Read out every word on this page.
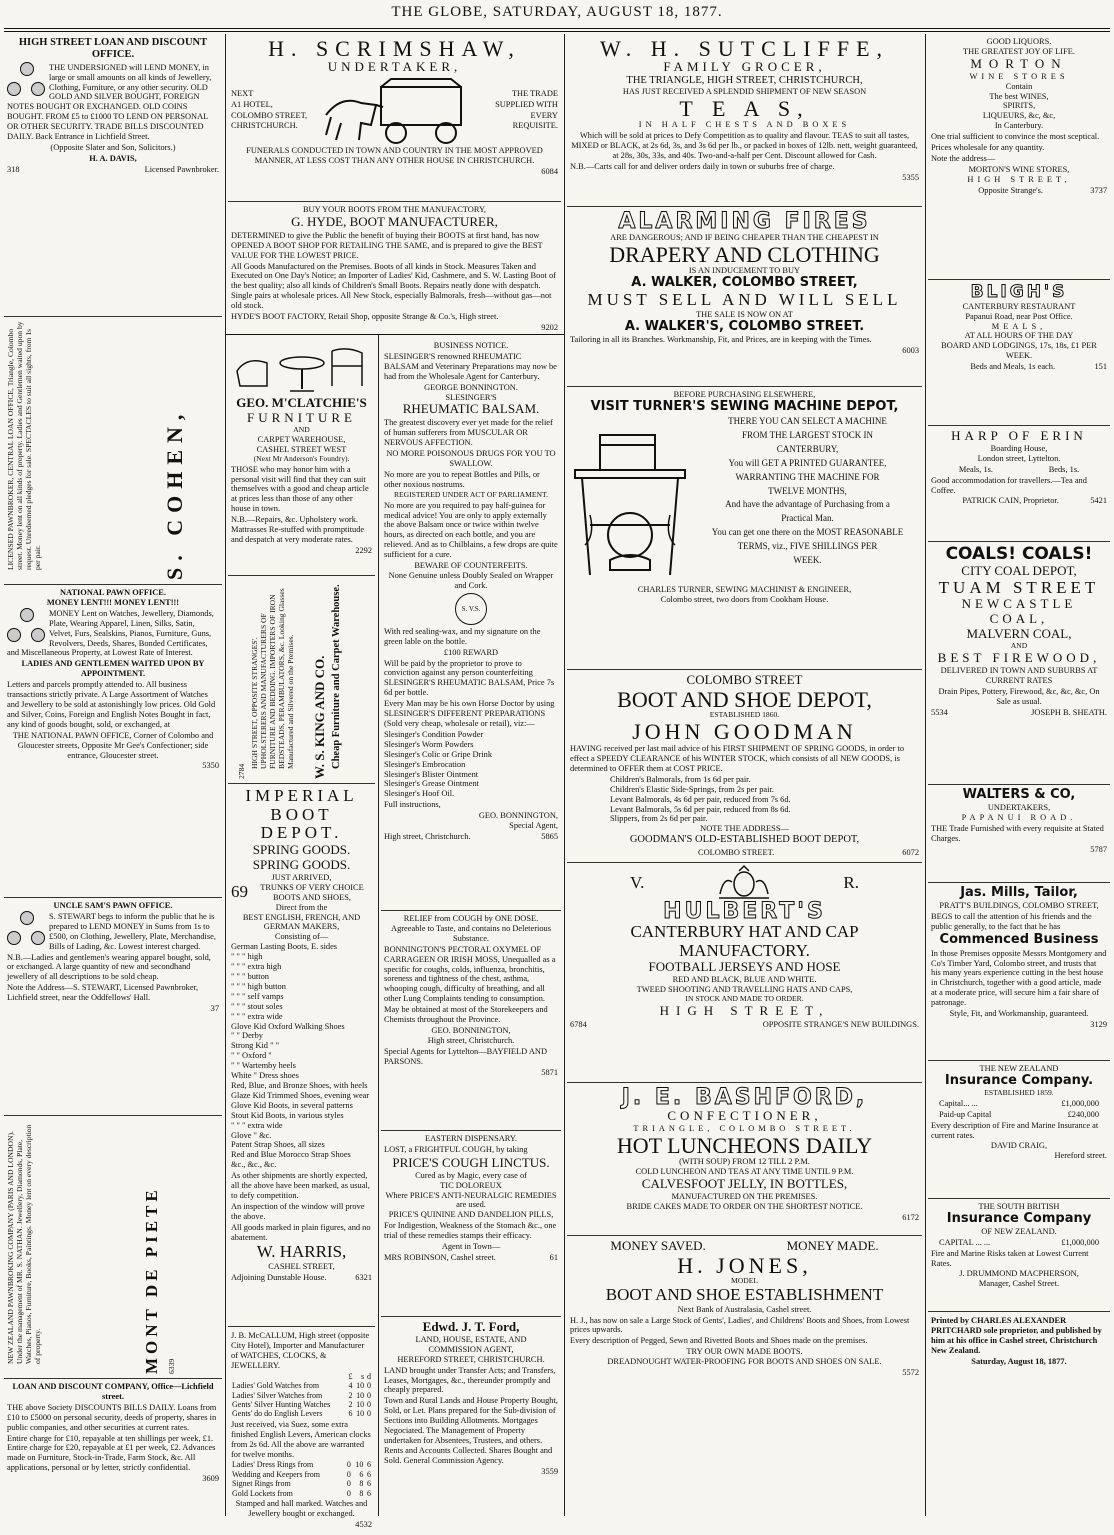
THE GLOBE, SATURDAY, AUGUST 18, 1877.
HIGH STREET LOAN AND DISCOUNT OFFICE.

THE UNDERSIGNED will LEND MONEY, in large or small amounts on all kinds of Jewellery, Clothing, Furniture, or any other security. OLD GOLD AND SILVER BOUGHT, FOREIGN NOTES BOUGHT OR EXCHANGED. OLD COINS BOUGHT. FROM £5 to £1000 TO LEND ON PERSONAL OR OTHER SECURITY. TRADE BILLS DISCOUNTED DAILY. Back Entrance in Lichfield Street.

(Opposite Slater and Son, Solicitors.)

H. A. DAVIS,

318	Licensed Pawnbroker.

LICENSED PAWNBROKER, CENTRAL LOAN OFFICE, Triangle, Colombo street. Money lent on all kinds of property. Ladies and Gentlemen waited upon by request. Unredeemed pledges for sale. SPECTACLES to suit all sights, from 1s per pair.	S. COHEN,
NATIONAL PAWN OFFICE.
MONEY LENT!!! MONEY LENT!!!

MONEY Lent on Watches, Jewellery, Diamonds, Plate, Wearing Apparel, Linen, Silks, Satin, Velvet, Furs, Sealskins, Pianos, Furniture, Guns, Revolvers, Deeds, Shares, Bonded Certificates, and Miscellaneous Property, at Lowest Rate of Interest.

LADIES AND GENTLEMEN WAITED UPON BY APPOINTMENT.

Letters and parcels promptly attended to. All business transactions strictly private. A Large Assortment of Watches and Jewellery to be sold at astonishingly low prices. Old Gold and Silver, Coins, Foreign and English Notes Bought in fact, any kind of goods bought, sold, or exchanged, at

THE NATIONAL PAWN OFFICE, Corner of Colombo and Gloucester streets, Opposite Mr Gee's Confectioner; side entrance, Gloucester street.

5350

UNCLE SAM'S PAWN OFFICE.

S. STEWART begs to inform the public that he is prepared to LEND MONEY in Sums from 1s to £500, on Clothing, Jewellery, Plate, Merchandise, Bills of Lading, &c. Lowest interest charged.

N.B.—Ladies and gentlemen's wearing apparel bought, sold, or exchanged. A large quantity of new and secondhand jewellery of all descriptions to be sold cheap.

Note the Address—S. STEWART, Licensed Pawnbroker, Lichfield street, near the Oddfellows' Hall.

37

NEW ZEALAND PAWNBROKING COMPANY (PARIS AND LONDON). Under the management of MR. S. NATHAN. Jewellery, Diamonds, Plate, Watches, Pianos, Furniture, Books, Paintings. Money lent on every description of property.	MONT DE PIETE 6339
LOAN AND DISCOUNT COMPANY, Office—Lichfield street.

THE above Society DISCOUNTS BILLS DAILY. Loans from £10 to £5000 on personal security, deeds of property, shares in public companies, and other securities at current rates.

Entire charge for £10, repayable at ten shillings per week, £1. Entire charge for £20, repayable at £1 per week, £2. Advances made on Furniture, Stock-in-Trade, Farm Stock, &c. All applications, personal or by letter, strictly confidential.

3609

H. SCRIMSHAW,
UNDERTAKER,

NEXT

A1 HOTEL,

COLOMBO STREET,

CHRISTCHURCH.

THE TRADE

SUPPLIED WITH

EVERY

REQUISITE.

FUNERALS CONDUCTED IN TOWN AND COUNTRY IN THE MOST APPROVED MANNER, AT LESS COST THAN ANY OTHER HOUSE IN CHRISTCHURCH.

6084

BUY YOUR BOOTS FROM THE MANUFACTORY,
G. HYDE, BOOT MANUFACTURER,

DETERMINED to give the Public the benefit of buying their BOOTS at first hand, has now OPENED A BOOT SHOP FOR RETAILING THE SAME, and is prepared to give the BEST VALUE FOR THE LOWEST PRICE.

All Goods Manufactured on the Premises. Boots of all kinds in Stock. Measures Taken and Executed on One Day's Notice; an Importer of Ladies' Kid, Cashmere, and S. W. Lasting Boot of the best quality; also all kinds of Children's Small Boots. Repairs neatly done with despatch. Single pairs at wholesale prices. All New Stock, especially Balmorals, fresh—without gas—not old stock.

HYDE'S BOOT FACTORY, Retail Shop, opposite Strange & Co.'s, High street.

9202

GEO. M'CLATCHIE'S
FURNITURE
AND
CARPET WAREHOUSE,
CASHEL STREET WEST
(Next Mr Anderson's Foundry).

THOSE who may honor him with a personal visit will find that they can suit themselves with a good and cheap article at prices less than those of any other house in town.

N.B.—Repairs, &c. Upholstery work. Mattrasses Re-stuffed with promptitude and despatch at very moderate rates.

2292

2784
HIGH STREET, OPPOSITE STRANGES'. UPHOLSTERERS AND MANUFACTURERS OF FURNITURE AND BEDDING. IMPORTERS OF IRON BEDSTEADS, PERAMBULATORS, &c. Looking Glasses Manufactured and Silvered on the Premises.	W. S. KING AND CO. Cheap Furniture and Carpet Warehouse.
IMPERIAL
BOOT DEPOT.
SPRING GOODS.
SPRING GOODS.
JUST ARRIVED,
69	TRUNKS OF VERY CHOICE BOOTS AND SHOES,
Direct from the
BEST ENGLISH, FRENCH, AND GERMAN MAKERS,
Consisting of—
German Lasting Boots, E. sides
" " " high
" " " extra high
" " " button
" " " high button
" " " self vamps
" " " stout soles
" " " extra wide
Glove Kid Oxford Walking Shoes
" " Derby
Strong Kid " "
" " Oxford "
" " Wartemby heels
White " Dress shoes
Red, Blue, and Bronze Shoes, with heels
Glaze Kid Trimmed Shoes, evening wear
Glove Kid Boots, in several patterns
Stout Kid Boots, in various styles
" " " extra wide
Glove " &c.
Patent Strap Shoes, all sizes
Red and Blue Morocco Strap Shoes
&c., &c., &c.

As other shipments are shortly expected, all the above have been marked, as usual, to defy competition.

An inspection of the window will prove the above.

All goods marked in plain figures, and no abatement.

W. HARRIS,
CASHEL STREET,

Adjoining Dunstable House.	6321

J. B. McCALLUM, High street (opposite City Hotel), Importer and Manufacturer of WATCHES, CLOCKS, & JEWELLERY.

	£	s	d
Ladies' Gold Watches from	4	10	0
Ladies' Silver Watches from	2	10	0
Gents' Silver Hunting Watches	2	10	0
Gents' do do English Levers	6	10	0

Just received, via Suez, some extra finished English Levers, American clocks from 2s 6d. All the above are warranted for twelve months.

Ladies' Dress Rings from	0	10	6
Wedding and Keepers from	0	6	6
Signet Rings from	0	8	6
Gold Lockets from	0	8	6

Stamped and hall marked. Watches and Jewellery bought or exchanged.

4532

BUSINESS NOTICE.

SLESINGER'S renowned RHEUMATIC BALSAM and Veterinary Preparations may now be had from the Wholesale Agent for Canterbury.

GEORGE BONNINGTON.
SLESINGER'S
RHEUMATIC BALSAM.

The greatest discovery ever yet made for the relief of human sufferers from MUSCULAR OR NERVOUS AFFECTION.

NO MORE POISONOUS DRUGS FOR YOU TO SWALLOW.

No more are you to repeat Bottles and Pills, or other noxious nostrums.

REGISTERED UNDER ACT OF PARLIAMENT.

No more are you required to pay half-guinea for medical advice! You are only to apply externally the above Balsam once or twice within twelve hours, as directed on each bottle, and you are relieved. And as to Chilblains, a few drops are quite sufficient for a cure.

BEWARE OF COUNTERFEITS.
None Genuine unless Doubly Sealed on Wrapper and Cork.
S. V.S.

With red sealing-wax, and my signature on the green lable on the bottle.

£100 REWARD

Will be paid by the proprietor to prove to conviction against any person counterfeiting SLESINGER'S RHEUMATIC BALSAM, Price 7s 6d per bottle.

Every Man may be his own Horse Doctor by using SLESINGER'S DIFFERENT PREPARATIONS (Sold very cheap, wholesale or retail), viz:—

Slesinger's Condition Powder
Slesinger's Worm Powders
Slesinger's Colic or Gripe Drink
Slesinger's Embrocation
Slesinger's Blister Ointment
Slesinger's Grease Ointment
Slesinger's Hoof Oil.

Full instructions,

GEO. BONNINGTON,
Special Agent,

High street, Christchurch.	5865

RELIEF from COUGH by ONE DOSE.
Agreeable to Taste, and contains no Deleterious Substance.

BONNINGTON'S PECTORAL OXYMEL OF CARRAGEEN OR IRISH MOSS, Unequalled as a specific for coughs, colds, influenza, bronchitis, soreness and tightness of the chest, asthma, whooping cough, difficulty of breathing, and all other Lung Complaints tending to consumption.

May be obtained at most of the Storekeepers and Chemists throughout the Province.

GEO. BONNINGTON,
High street, Christchurch.

Special Agents for Lyttelton—BAYFIELD AND PARSONS.

5871

EASTERN DISPENSARY.

LOST, a FRIGHTFUL COUGH, by taking

PRICE'S COUGH LINCTUS.
Cured as by Magic, every case of
TIC DOLOREUX
Where PRICE'S ANTI-NEURALGIC REMEDIES are used.
PRICE'S QUININE AND DANDELION PILLS,

For Indigestion, Weakness of the Stomach &c., one trial of these remedies stamps their efficacy.

Agent in Town—

MRS ROBINSON, Cashel street.	61

Edwd. J. T. Ford,
LAND, HOUSE, ESTATE, AND
COMMISSION AGENT,
HEREFORD STREET, CHRISTCHURCH.

LAND brought under Transfer Acts; and Transfers, Leases, Mortgages, &c., thereunder promptly and cheaply prepared.

Town and Rural Lands and House Property Bought, Sold, or Let. Plans prepared for the Sub-division of Sections into Building Allotments. Mortgages Negociated. The Management of Property undertaken for Absentees, Trustees, and others. Rents and Accounts Collected. Shares Bought and Sold. General Commission Agency.

3559

W. H. SUTCLIFFE,
FAMILY GROCER,
THE TRIANGLE, HIGH STREET, CHRISTCHURCH,
HAS JUST RECEIVED A SPLENDID SHIPMENT OF NEW SEASON
T E A S,
IN HALF CHESTS AND BOXES

Which will be sold at prices to Defy Competition as to quality and flavour. TEAS to suit all tastes, MIXED or BLACK, at 2s 6d, 3s, and 3s 6d per lb., or packed in boxes of 12lb. nett, weight guaranteed, at 28s, 30s, 33s, and 40s. Two-and-a-half per Cent. Discount allowed for Cash.

N.B.—Carts call for and deliver orders daily in town or suburbs free of charge.

5355

ALARMING FIRES
ARE DANGEROUS; AND IF BEING CHEAPER THAN THE CHEAPEST IN
DRAPERY AND CLOTHING
IS AN INDUCEMENT TO BUY
A. WALKER, COLOMBO STREET,
MUST SELL AND WILL SELL
THE SALE IS NOW ON AT
A. WALKER'S, COLOMBO STREET.

Tailoring in all its Branches. Workmanship, Fit, and Prices, are in keeping with the Times.

6003

BEFORE PURCHASING ELSEWHERE,
VISIT TURNER'S SEWING MACHINE DEPOT,
THERE YOU CAN SELECT A MACHINE
FROM THE LARGEST STOCK IN
CANTERBURY,
You will GET A PRINTED GUARANTEE,
WARRANTING THE MACHINE FOR
TWELVE MONTHS,
And have the advantage of Purchasing from a
Practical Man.
You can get one there on the MOST REASONABLE
TERMS, viz., FIVE SHILLINGS PER
WEEK.
CHARLES TURNER, SEWING MACHINIST & ENGINEER,
Colombo street, two doors from Cookham House.
COLOMBO STREET
BOOT AND SHOE DEPOT,
ESTABLISHED 1860.
JOHN GOODMAN

HAVING received per last mail advice of his FIRST SHIPMENT OF SPRING GOODS, in order to effect a SPEEDY CLEARANCE of his WINTER STOCK, which consists of all NEW GOODS, is determined to OFFER them at COST PRICE.

Children's Balmorals, from 1s 6d per pair.
Children's Elastic Side-Springs, from 2s per pair.
Levant Balmorals, 4s 6d per pair, reduced from 7s 6d.
Levant Balmorals, 5s 6d per pair, reduced from 8s 6d.
Slippers, from 2s 6d per pair.
NOTE THE ADDRESS—
GOODMAN'S OLD-ESTABLISHED BOOT DEPOT,

COLOMBO STREET.	6072

V.	R.
HULBERT'S
CANTERBURY HAT AND CAP
MANUFACTORY.
FOOTBALL JERSEYS AND HOSE
RED AND BLACK, BLUE AND WHITE.
TWEED SHOOTING AND TRAVELLING HATS AND CAPS,
IN STOCK AND MADE TO ORDER.
HIGH STREET,

6784	OPPOSITE STRANGE'S NEW BUILDINGS.

J. E. BASHFORD,
CONFECTIONER,
TRIANGLE, COLOMBO STREET.
HOT LUNCHEONS DAILY
(WITH SOUP) FROM 12 TILL 2 P.M.
COLD LUNCHEON AND TEAS AT ANY TIME UNTIL 9 P.M.
CALVESFOOT JELLY, IN BOTTLES,
MANUFACTURED ON THE PREMISES.
BRIDE CAKES MADE TO ORDER ON THE SHORTEST NOTICE.

6172

MONEY SAVED.	MONEY MADE.
H. JONES,
MODEL
BOOT AND SHOE ESTABLISHMENT
Next Bank of Australasia, Cashel street.

H. J., has now on sale a Large Stock of Gents', Ladies', and Childrens' Boots and Shoes, from Lowest prices upwards.

Every description of Pegged, Sewn and Rivetted Boots and Shoes made on the premises.

TRY OUR OWN MADE BOOTS.
DREADNOUGHT WATER-PROOFING FOR BOOTS AND SHOES ON SALE.

5572

GOOD LIQUORS.
THE GREATEST JOY OF LIFE.
MORTON
WINE STORES
Contain
The best WINES,
SPIRITS,
LIQUEURS, &c, &c,
In Canterbury.

One trial sufficient to convince the most sceptical.

Prices wholesale for any quantity.

Note the address—

MORTON'S WINE STORES,
HIGH STREET,

Opposite Strange's.	3737

BLIGH'S
CANTERBURY RESTAURANT
Papanui Road, near Post Office.
MEALS,
AT ALL HOURS OF THE DAY
BOARD AND LODGINGS, 17s, 18s, £1 PER WEEK.

Beds and Meals, 1s each.	151

HARP OF ERIN
Boarding House,
London street, Lyttelton.

Meals, 1s.	Beds, 1s.

Good accommodation for travellers.—Tea and Coffee.

PATRICK CAIN, Proprietor.	5421

COALS! COALS!
CITY COAL DEPOT,
TUAM STREET
NEWCASTLE COAL,
MALVERN COAL,
AND
BEST FIREWOOD,
DELIVERED IN TOWN AND SUBURBS AT CURRENT RATES

Drain Pipes, Pottery, Firewood, &c, &c, &c, On Sale as usual.

5534	JOSEPH B. SHEATH.

WALTERS & CO,
UNDERTAKERS,
PAPANUI ROAD.

THE Trade Furnished with every requisite at Stated Charges.

5787

Jas. Mills, Tailor,
PRATT'S BUILDINGS, COLOMBO STREET,

BEGS to call the attention of his friends and the public generally, to the fact that he has

Commenced Business

In those Premises opposite Messrs Montgomery and Co's Timber Yard, Colombo street, and trusts that his many years experience cutting in the best house in Christchurch, together with a good article, made at a moderate price, will secure him a fair share of patronage.

Style, Fit, and Workmanship, guaranteed.

3129

THE NEW ZEALAND
Insurance Company.
ESTABLISHED 1859.

Capital... ...	£1,000,000

Paid-up Capital	£240,000

Every description of Fire and Marine Insurance at current rates.

DAVID CRAIG,
Hereford street.
THE SOUTH BRITISH
Insurance Company
OF NEW ZEALAND.

CAPITAL ... ...	£1,000,000

Fire and Marine Risks taken at Lowest Current Rates.

J. DRUMMOND MACPHERSON,
Manager, Cashel Street.

Printed by CHARLES ALEXANDER PRITCHARD sole proprietor, and published by him at his office in Cashel street, Christchurch New Zealand.

Saturday, August 18, 1877.
